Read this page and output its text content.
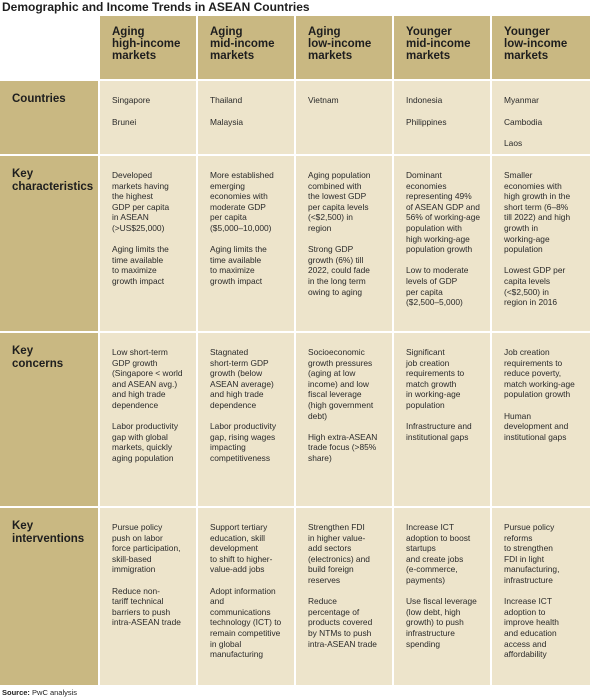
Demographic and Income Trends in ASEAN Countries
Aging
high-income
markets
Aging
mid-income
markets
Aging
low-income
markets
Younger
mid-income
markets
Younger
low-income
markets
Countries	Singapore

Brunei

Thailand

Malaysia

Vietnam	Indonesia

Philippines

Myanmar

Cambodia

Laos

Key
characteristics

Developed
markets having
the highest
GDP per capita
in ASEAN
(>US$25,000)

Aging limits the
time available
to maximize
growth impact

More established
emerging
economies with
moderate GDP
per capita
($5,000–10,000)

Aging limits the
time available
to maximize
growth impact

Aging population
combined with
the lowest GDP
per capita levels
(<$2,500) in
region

Strong GDP
growth (6%) till
2022, could fade
in the long term
owing to aging

Dominant
economies
representing 49%
of ASEAN GDP and
56% of working-age
population with
high working-age
population growth

Low to moderate
levels of GDP
per capita
($2,500–5,000)

Smaller
economies with
high growth in the
short term (6–8%
till 2022) and high
growth in
working-age
population

Lowest GDP per
capita levels
(<$2,500) in
region in 2016

Key
concerns

Low short-term
GDP growth
(Singapore < world
and ASEAN avg.)
and high trade
dependence

Labor productivity
gap with global
markets, quickly
aging population

Stagnated
short-term GDP
growth (below
ASEAN average)
and high trade
dependence

Labor productivity
gap, rising wages
impacting
competitiveness

Socioeconomic
growth pressures
(aging at low
income) and low
fiscal leverage
(high government
debt)

High extra-ASEAN
trade focus (>85%
share)

Significant
job creation
requirements to
match growth
in working-age
population

Infrastructure and
institutional gaps

Job creation
requirements to
reduce poverty,
match working-age
population growth

Human
development and
institutional gaps

Key
interventions

Pursue policy
push on labor
force participation,
skill-based
immigration

Reduce non-
tariff technical
barriers to push
intra-ASEAN trade

Support tertiary
education, skill
development
to shift to higher-
value-add jobs

Adopt information
and
communications
technology (ICT) to
remain competitive
in global
manufacturing

Strengthen FDI
in higher value-
add sectors
(electronics) and
build foreign
reserves

Reduce
percentage of
products covered
by NTMs to push
intra-ASEAN trade

Increase ICT
adoption to boost
startups
and create jobs
(e-commerce,
payments)

Use fiscal leverage
(low debt, high
growth) to push
infrastructure
spending

Pursue policy
reforms
to strengthen
FDI in light
manufacturing,
infrastructure

Increase ICT
adoption to
improve health
and education
access and
affordability

Source: PwC analysis
